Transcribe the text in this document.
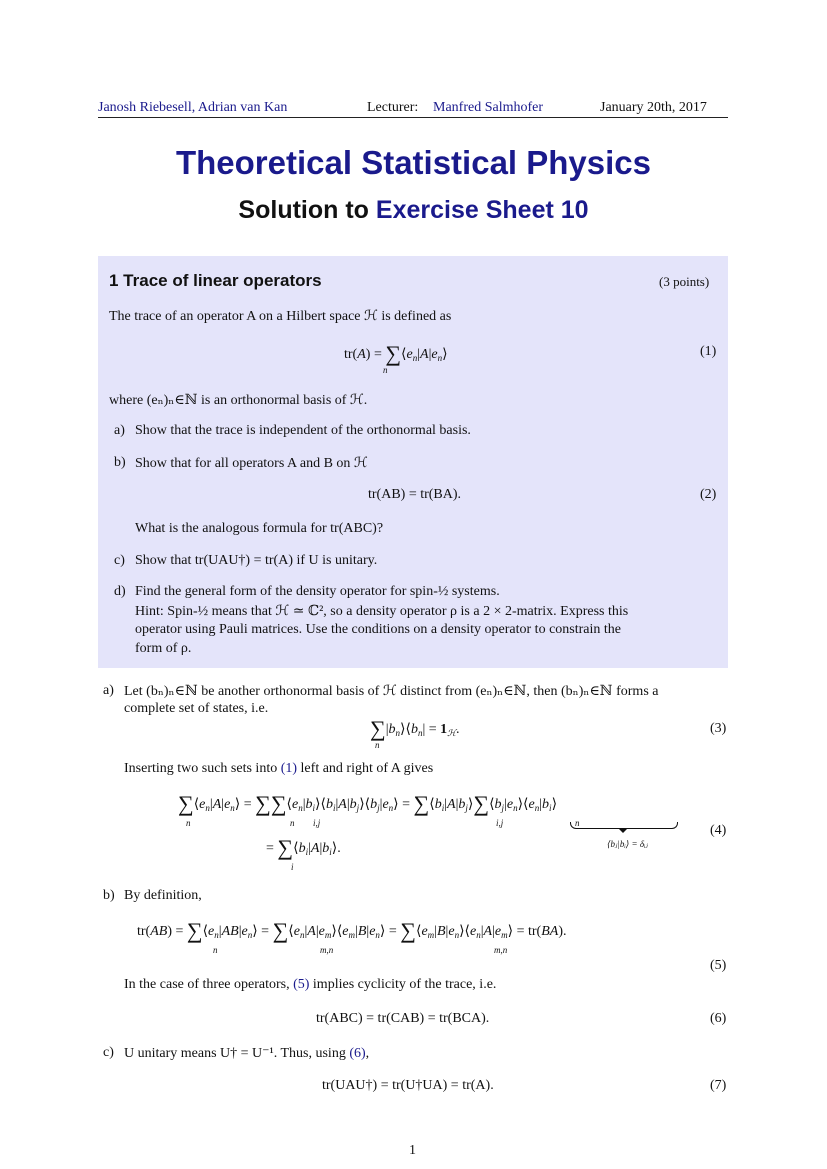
Janosh Riebesell, Adrian van Kan	Lecturer: Manfred Salmhofer	January 20th, 2017
Theoretical Statistical Physics
Solution to Exercise Sheet 10
1 Trace of linear operators	(3 points)
The trace of an operator A on a Hilbert space ℋ is defined as
$tr(A) = \sum⟨e_n|A|e_n⟩$
n
(1)
where (eₙ)ₙ∈ℕ is an orthonormal basis of ℋ.
a) Show that the trace is independent of the orthonormal basis.
b) Show that for all operators A and B on ℋ
tr(AB) = tr(BA).	(2)
What is the analogous formula for tr(ABC)?
c) Show that tr(UAU†) = tr(A) if U is unitary.
d) Find the general form of the density operator for spin-½ systems.
Hint: Spin-½ means that ℋ ≃ ℂ², so a density operator ρ is a 2 × 2-matrix. Express this
operator using Pauli matrices. Use the conditions on a density operator to constrain the
form of ρ.
a) Let (bₙ)ₙ∈ℕ be another orthonormal basis of ℋ distinct from (eₙ)ₙ∈ℕ, then (bₙ)ₙ∈ℕ forms a
complete set of states, i.e.
$\sum|b_n⟩⟨b_n| = 1_ℋ$.
n
(3)
Inserting two such sets into (1) left and right of A gives
$\sum⟨e_n|A|e_n⟩$ = $\sum\sum⟨e_n|b_i⟩⟨b_i|A|b_j⟩⟨b_j|e_n⟩$ = $\sum⟨b_i|A|b_j⟩\sum⟨b_j|e_n⟩⟨e_n|b_i⟩$
n	n i,j	i,j	n
⟨bⱼ|bᵢ⟩ = δᵢⱼ
(4)
= $\sum⟨b_i|A|b_i⟩$.
i
b) By definition,
$tr(AB) = \sum⟨e_n|AB|e_n⟩$ = $\sum⟨e_n|A|e_m⟩⟨e_m|B|e_n⟩$ = $\sum⟨e_m|B|e_n⟩⟨e_n|A|e_m⟩ = tr(BA)$.
n	m,n	m,n
(5)
In the case of three operators, (5) implies cyclicity of the trace, i.e.
tr(ABC) = tr(CAB) = tr(BCA).	(6)
c) U unitary means U† = U⁻¹. Thus, using (6),
tr(UAU†) = tr(U†UA) = tr(A).	(7)
1
